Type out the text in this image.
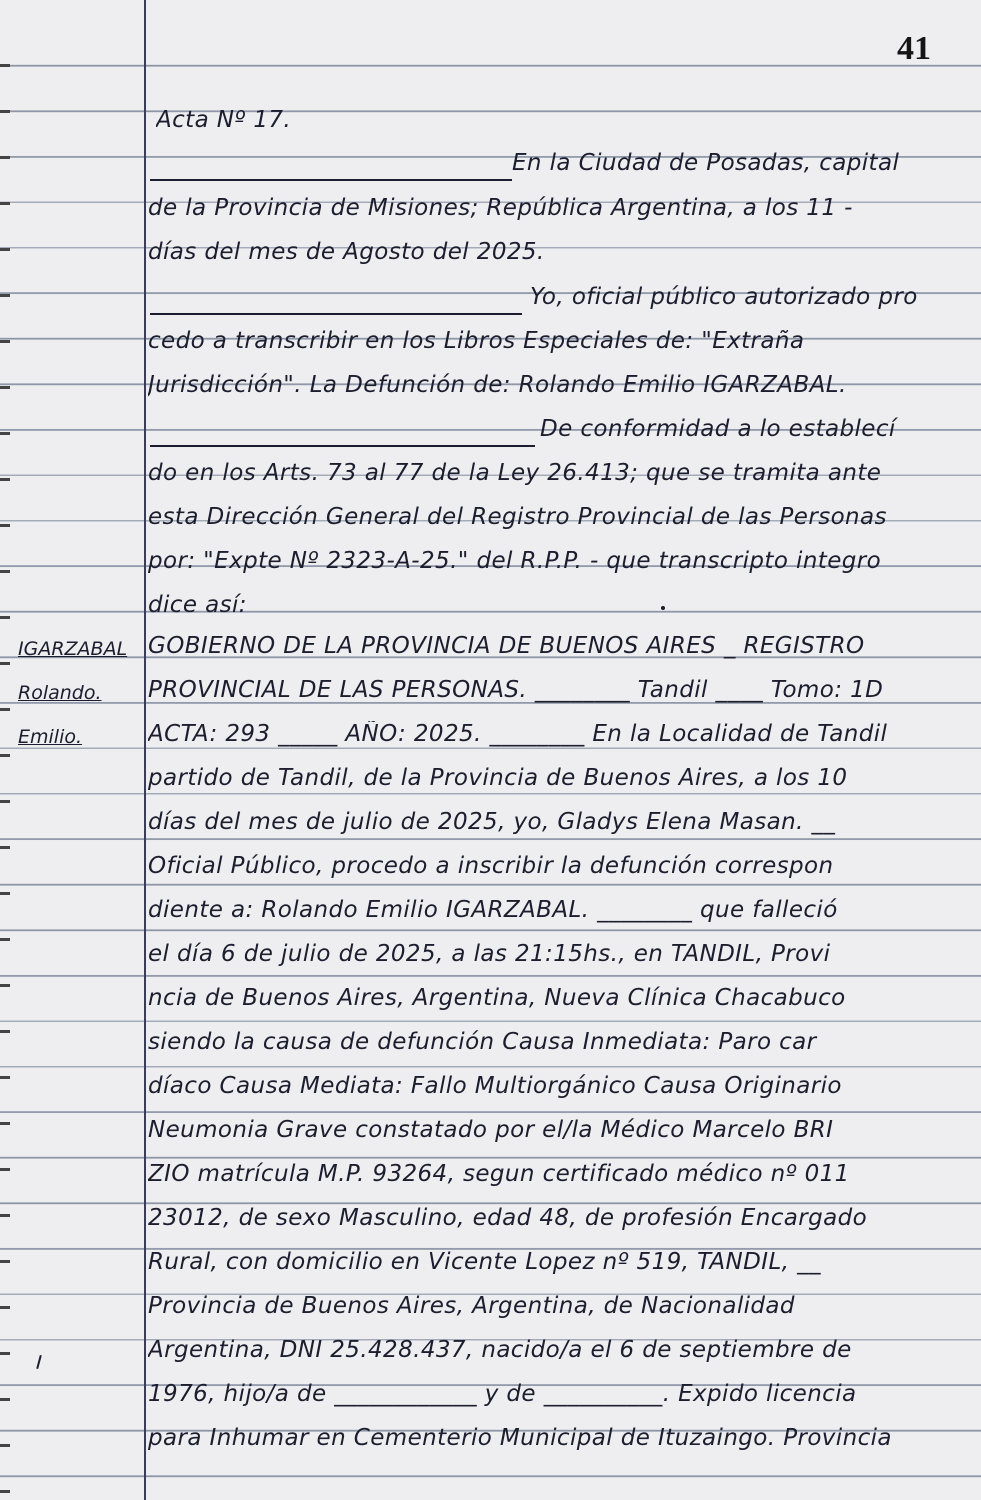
41
IGARZABAL
Rolando.
Emilio.
Acta Nº 17.
En la Ciudad de Posadas, capital
de la Provincia de Misiones; República Argentina, a los 11 -
días del mes de Agosto del 2025.
Yo, oficial público autorizado pro
cedo a transcribir en los Libros Especiales de: "Extraña
Jurisdicción". La Defunción de: Rolando Emilio IGARZABAL.
De conformidad a lo establecí
do en los Arts. 73 al 77 de la Ley 26.413; que se tramita ante
esta Dirección General del Registro Provincial de las Personas
por: "Expte Nº 2323-A-25." del R.P.P. - que transcripto integro
dice así:
GOBIERNO DE LA PROVINCIA DE BUENOS AIRES _ REGISTRO
PROVINCIAL DE LAS PERSONAS. ________ Tandil ____ Tomo: 1D
ACTA: 293 _____ AÑO: 2025. ________ En la Localidad de Tandil
partido de Tandil, de la Provincia de Buenos Aires, a los 10
días del mes de julio de 2025, yo, Gladys Elena Masan. __
Oficial Público, procedo a inscribir la defunción correspon
diente a: Rolando Emilio IGARZABAL. ________ que falleció
el día 6 de julio de 2025, a las 21:15hs., en TANDIL, Provi
ncia de Buenos Aires, Argentina, Nueva Clínica Chacabuco
siendo la causa de defunción Causa Inmediata: Paro car
díaco Causa Mediata: Fallo Multiorgánico Causa Originario
Neumonia Grave constatado por el/la Médico Marcelo BRI
ZIO matrícula M.P. 93264, segun certificado médico nº 011
23012, de sexo Masculino, edad 48, de profesión Encargado
Rural, con domicilio en Vicente Lopez nº 519, TANDIL, __
Provincia de Buenos Aires, Argentina, de Nacionalidad
Argentina, DNI 25.428.437, nacido/a el 6 de septiembre de
1976, hijo/a de ____________ y de __________. Expido licencia
para Inhumar en Cementerio Municipal de Ituzaingo. Provincia
